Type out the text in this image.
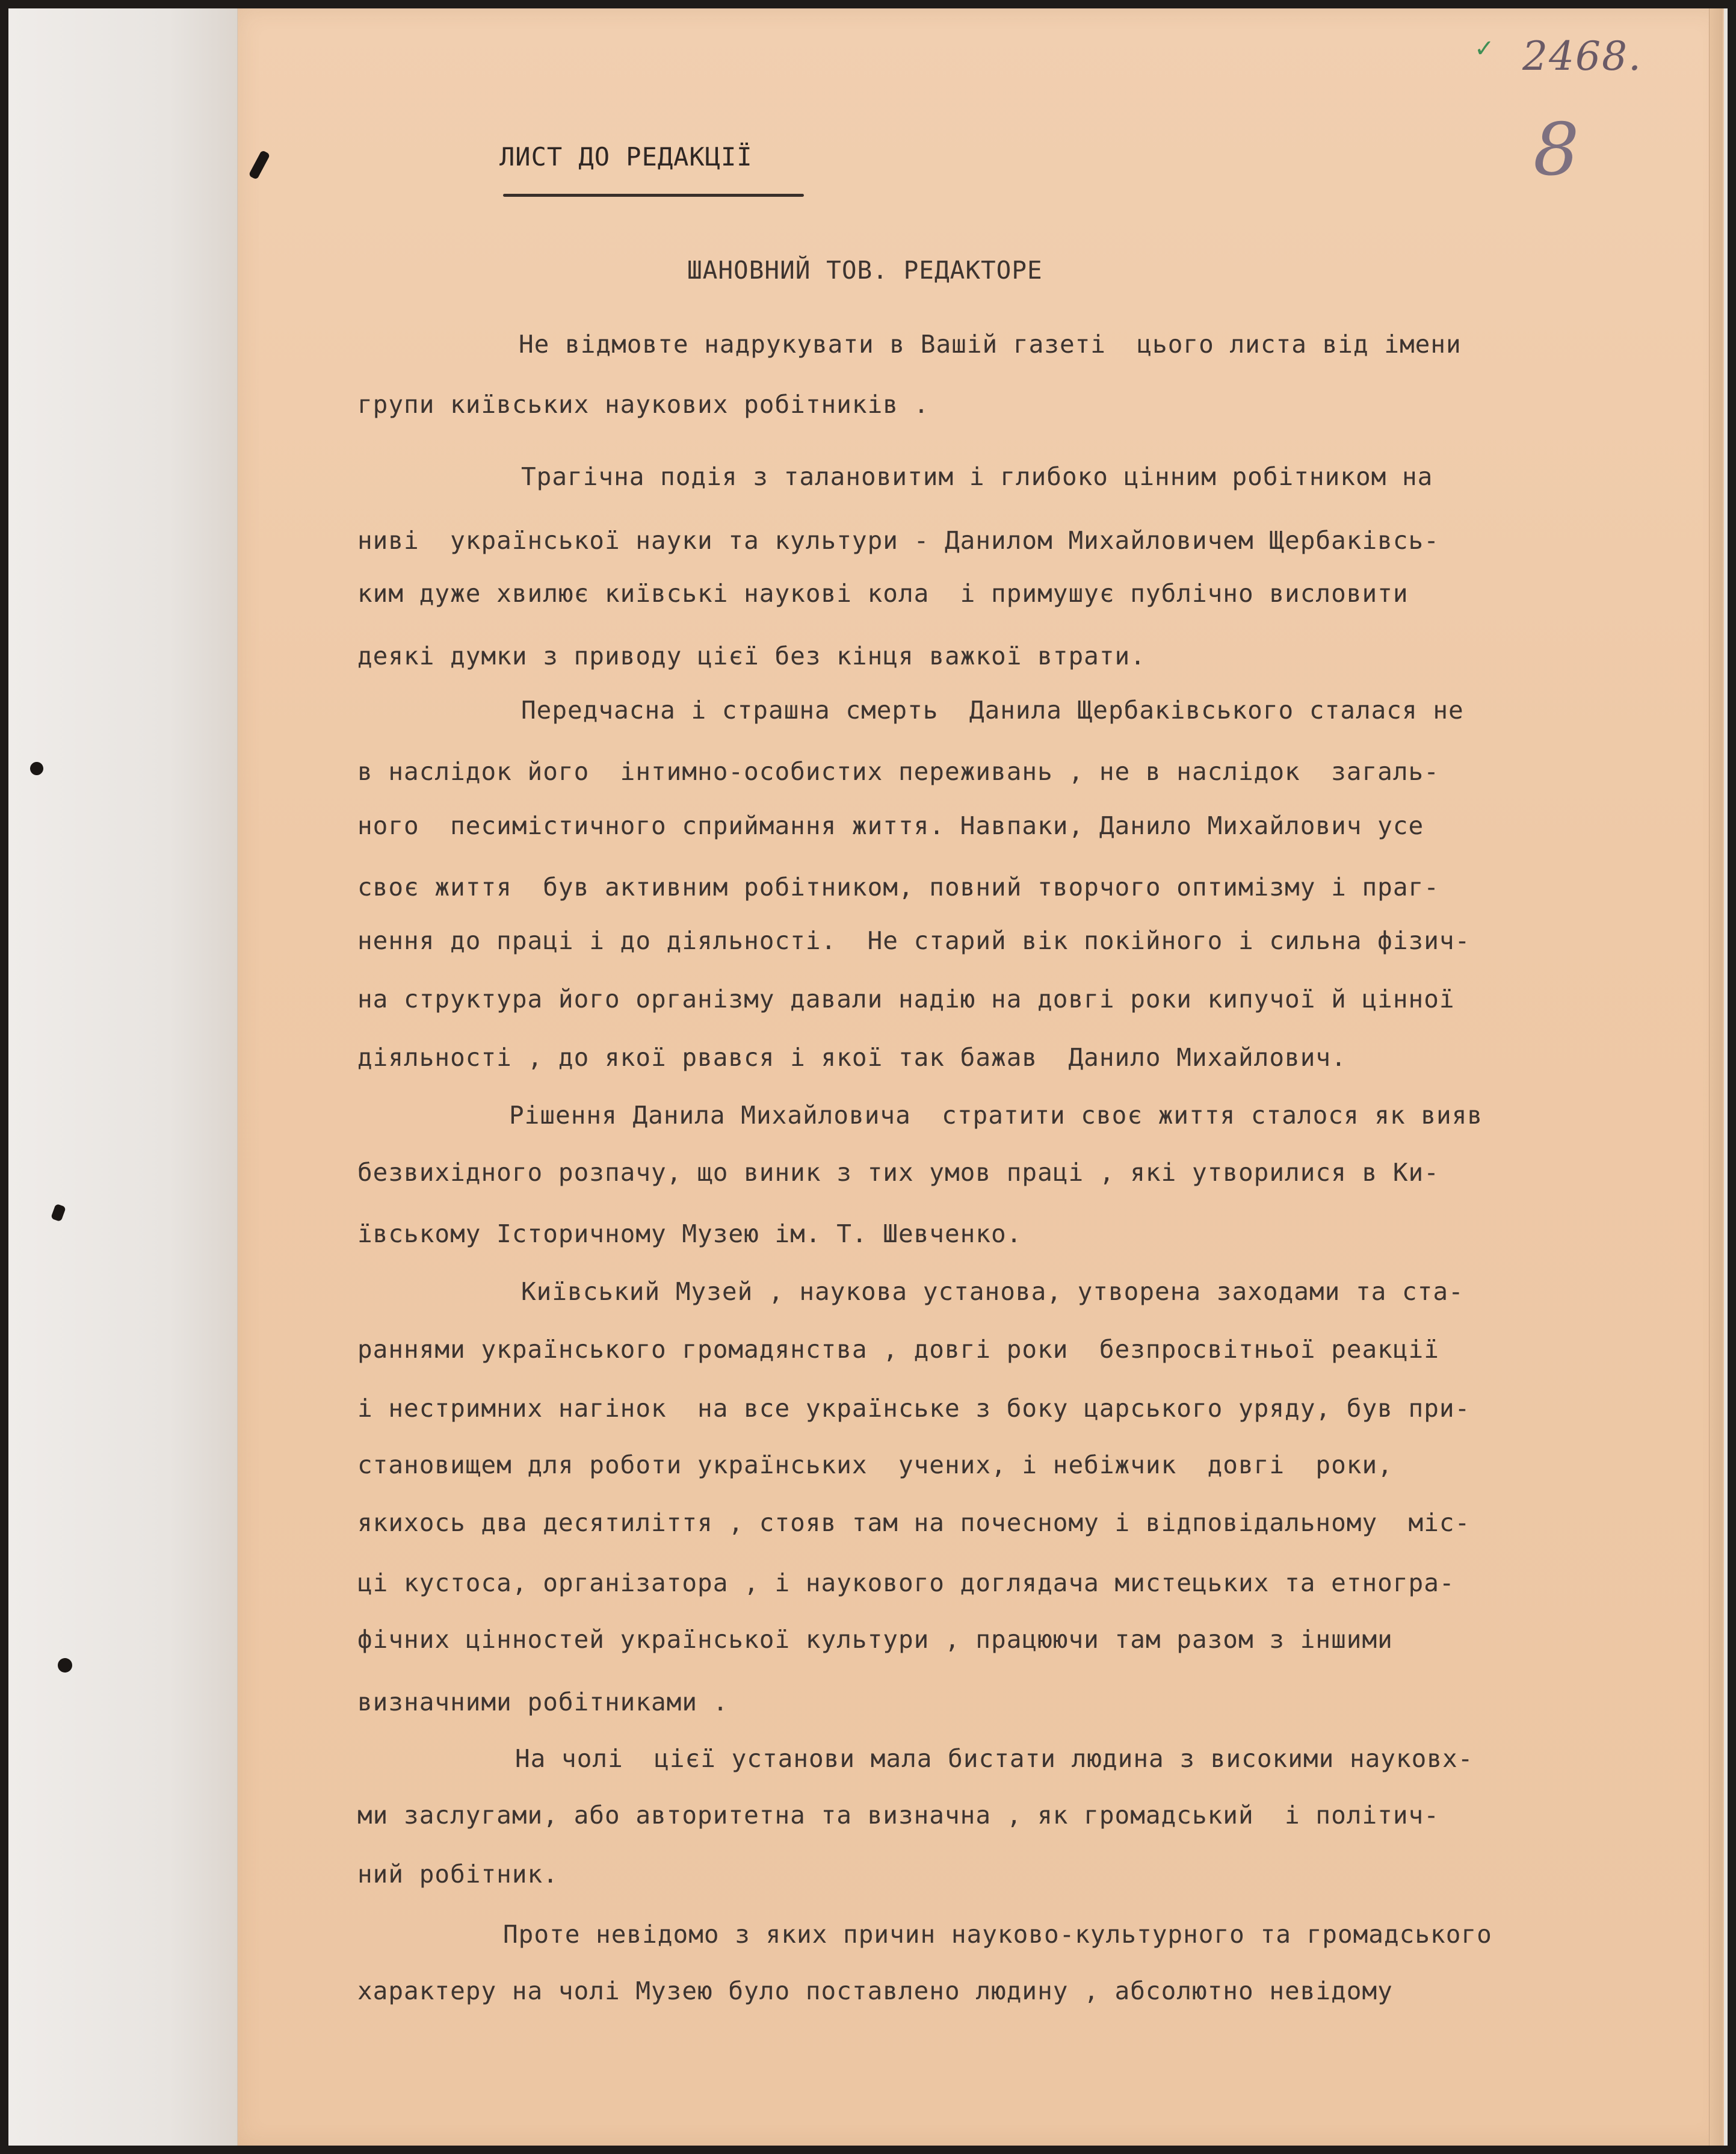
✓ 2468.
8
ЛИСТ ДО РЕДАКЦІЇ
ШАНОВНИЙ ТОВ. РЕДАКТОРЕ
Не відмовте надрукувати в Вашій газеті  цього листа від імени
групи київських наукових робітників .
Трагічна подія з талановитим і глибоко цінним робітником на
ниві  української науки та культури - Данилом Михайловичем Щербаківсь-
ким дуже хвилює київські наукові кола  і примушує публічно висловити
деякі думки з приводу цієї без кінця важкої втрати.
Передчасна і страшна смерть  Данила Щербаківського сталася не
в наслідок його  інтимно-особистих переживань , не в наслідок  загаль-
ного  песимістичного сприймання життя. Навпаки, Данило Михайлович усе
своє життя  був активним робітником, повний творчого оптимізму і праг-
нення до праці і до діяльності.  Не старий вік покійного і сильна фізич-
на структура його організму давали надію на довгі роки кипучої й цінної
діяльності , до якої рвався і якої так бажав  Данило Михайлович.
Рішення Данила Михайловича  стратити своє життя сталося як вияв
безвихідного розпачу, що виник з тих умов праці , які утворилися в Ки-
ївському Історичному Музею ім. Т. Шевченко.
Київський Музей , наукова установа, утворена заходами та ста-
раннями українського громадянства , довгі роки  безпросвітньої реакції
і нестримних нагінок  на все українське з боку царського уряду, був при-
становищем для роботи українських  учених, і небіжчик  довгі  роки,
якихось два десятиліття , стояв там на почесному і відповідальному  міс-
ці кустоса, організатора , і наукового доглядача мистецьких та етногра-
фічних цінностей української культури , працюючи там разом з іншими
визначними робітниками .
На чолі  цієї установи мала бистати людина з високими науковх-
ми заслугами, або авторитетна та визначна , як громадський  і політич-
ний робітник.
Проте невідомо з яких причин науково-культурного та громадського
характеру на чолі Музею було поставлено людину , абсолютно невідому
